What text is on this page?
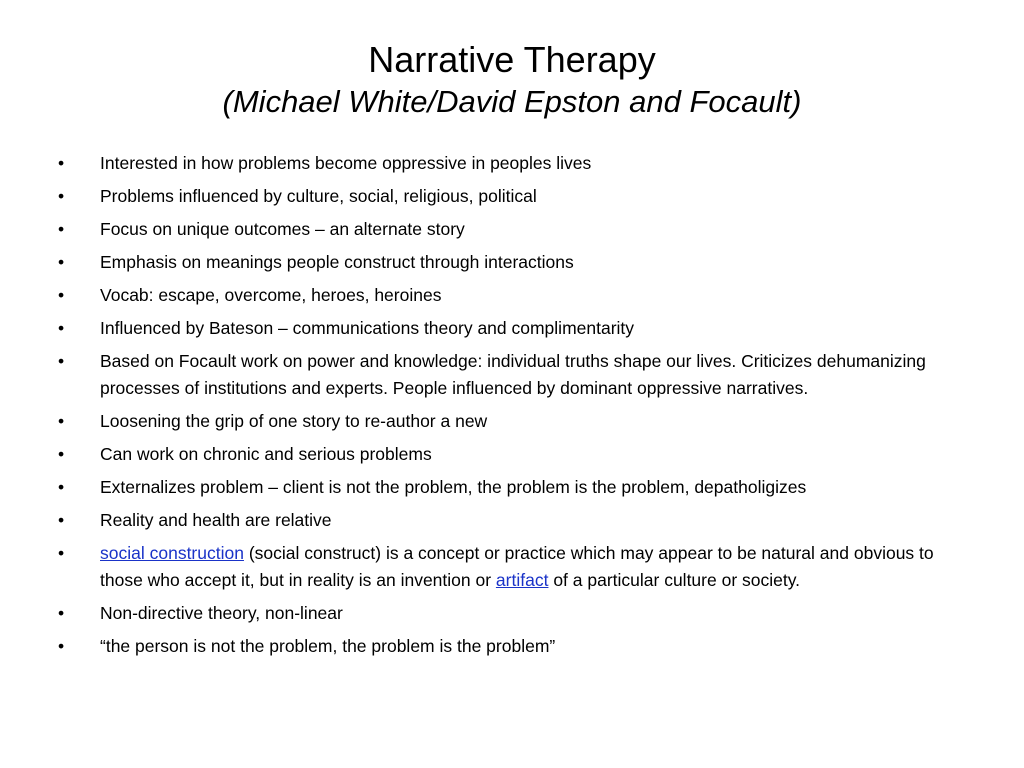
Narrative Therapy
(Michael White/David Epston and Focault)
• Interested in how problems become oppressive in peoples lives
• Problems influenced by culture, social, religious, political
• Focus on unique outcomes – an alternate story
• Emphasis on meanings people construct through interactions
• Vocab: escape, overcome, heroes, heroines
• Influenced by Bateson – communications theory and complimentarity
• Based on Focault work on power and knowledge: individual truths shape our lives. Criticizes dehumanizing processes of institutions and experts. People influenced by dominant oppressive narratives.
• Loosening the grip of one story to re-author a new
• Can work on chronic and serious problems
• Externalizes problem – client is not the problem, the problem is the problem, depatholigizes
• Reality and health are relative
• social construction (social construct) is a concept or practice which may appear to be natural and obvious to those who accept it, but in reality is an invention or artifact of a particular culture or society.
• Non-directive theory, non-linear
• “the person is not the problem, the problem is the problem”
